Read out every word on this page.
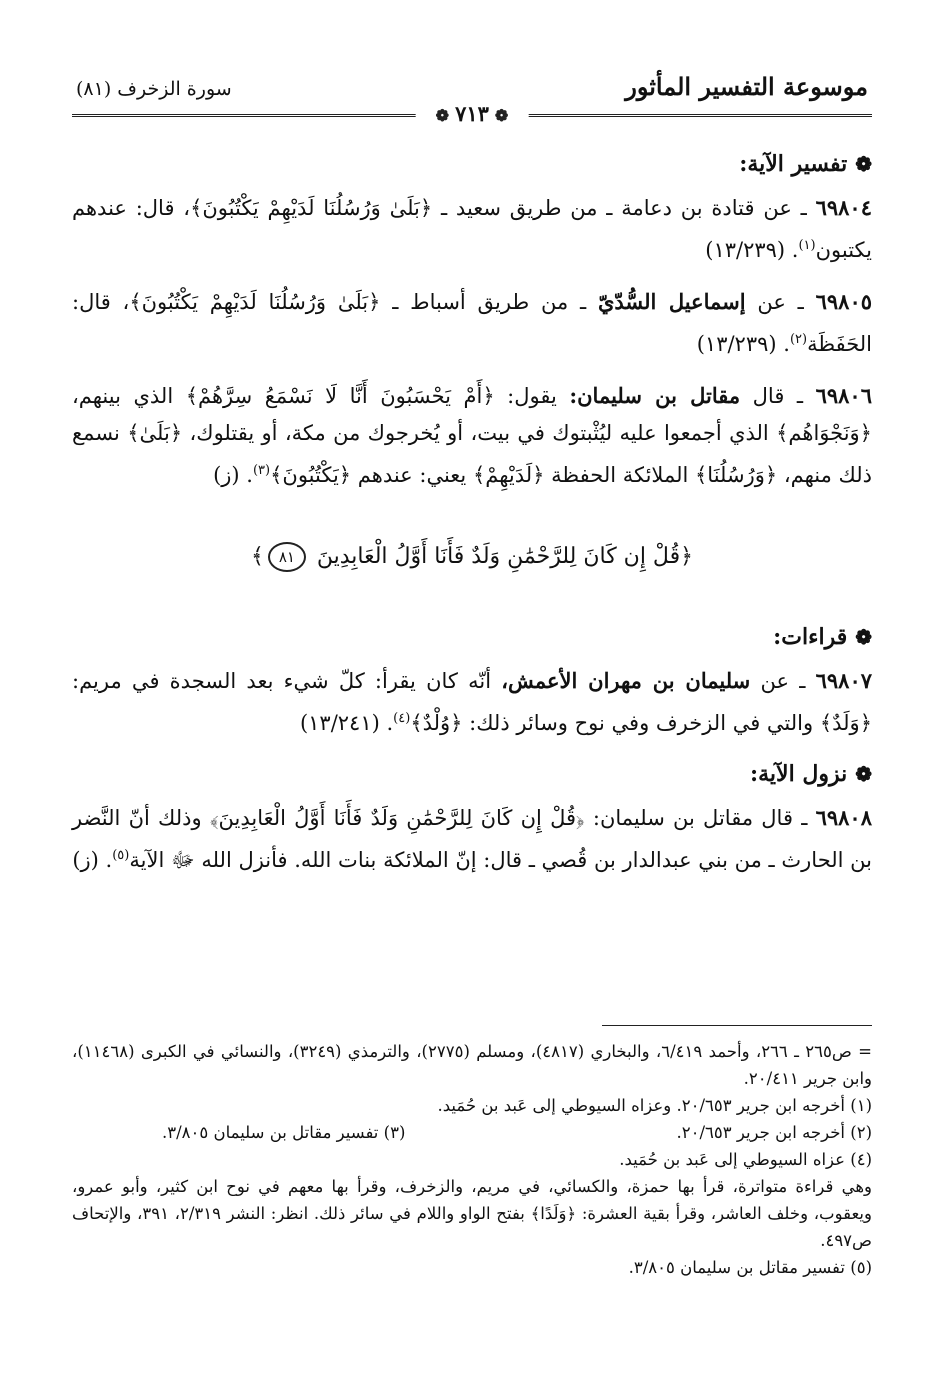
موسوعة التفسير المأثور
سورة الزخرف (٨١)
❁٧١٣❁
❁تفسير الآية:

٦٩٨٠٤ ـ عن قتادة بن دعامة ـ من طريق سعيد ـ ﴿بَلَىٰ وَرُسُلُنَا لَدَيْهِمْ يَكْتُبُونَ﴾، قال: عندهم يكتبون$^{(١)}$. (١٣/٢٣٩)

٦٩٨٠٥ ـ عن إسماعيل السُّدّيّ ـ من طريق أسباط ـ ﴿بَلَىٰ وَرُسُلُنَا لَدَيْهِمْ يَكْتُبُونَ﴾، قال: الحَفَظَة$^{(٢)}$. (١٣/٢٣٩)

٦٩٨٠٦ ـ قال مقاتل بن سليمان: يقول: ﴿أَمْ يَحْسَبُونَ أَنَّا لَا نَسْمَعُ سِرَّهُمْ﴾ الذي بينهم، ﴿وَنَجْوَاهُم﴾ الذي أجمعوا عليه ليُثْبتوك في بيت، أو يُخرجوك من مكة، أو يقتلوك، ﴿بَلَىٰ﴾ نسمع ذلك منهم، ﴿وَرُسُلُنَا﴾ الملائكة الحفظة ﴿لَدَيْهِمْ﴾ يعني: عندهم ﴿يَكْتُبُونَ﴾$^{(٣)}$. (ز)

﴿قُلْ إِن كَانَ لِلرَّحْمَٰنِ وَلَدٌ فَأَنَا أَوَّلُ الْعَابِدِينَ ٨١﴾
❁قراءات:

٦٩٨٠٧ ـ عن سليمان بن مهران الأعمش، أنّه كان يقرأ: كلّ شيء بعد السجدة في مريم: ﴿وَلَدٌ﴾ والتي في الزخرف وفي نوح وسائر ذلك: ﴿وُلْدٌ﴾$^{(٤)}$. (١٣/٢٤١)

❁نزول الآية:

٦٩٨٠٨ ـ قال مقاتل بن سليمان: ﴿قُلْ إِن كَانَ لِلرَّحْمَٰنِ وَلَدٌ فَأَنَا أَوَّلُ الْعَابِدِينَ﴾ وذلك أنّ النَّضر بن الحارث ـ من بني عبدالدار بن قُصي ـ قال: إنّ الملائكة بنات الله. فأنزل الله ﷻ الآية$^{(٥)}$. (ز)

= ص٢٦٥ ـ ٢٦٦، وأحمد ٦/٤١٩، والبخاري (٤٨١٧)، ومسلم (٢٧٧٥)، والترمذي (٣٢٤٩)، والنسائي في الكبرى (١١٤٦٨)، وابن جرير ٢٠/٤١١.

(١) أخرجه ابن جرير ٢٠/٦٥٣. وعزاه السيوطي إلى عَبد بن حُمَيد.

(٢) أخرجه ابن جرير ٢٠/٦٥٣.
(٣) تفسير مقاتل بن سليمان ٣/٨٠٥.

(٤) عزاه السيوطي إلى عَبد بن حُمَيد.

وهي قراءة متواترة، قرأ بها حمزة، والكسائي، في مريم، والزخرف، وقرأ بها معهم في نوح ابن كثير، وأبو عمرو، ويعقوب، وخلف العاشر، وقرأ بقية العشرة: ﴿وَلَدًا﴾ بفتح الواو واللام في سائر ذلك. انظر: النشر ٢/٣١٩، ٣٩١، والإتحاف ص٤٩٧.

(٥) تفسير مقاتل بن سليمان ٣/٨٠٥.
